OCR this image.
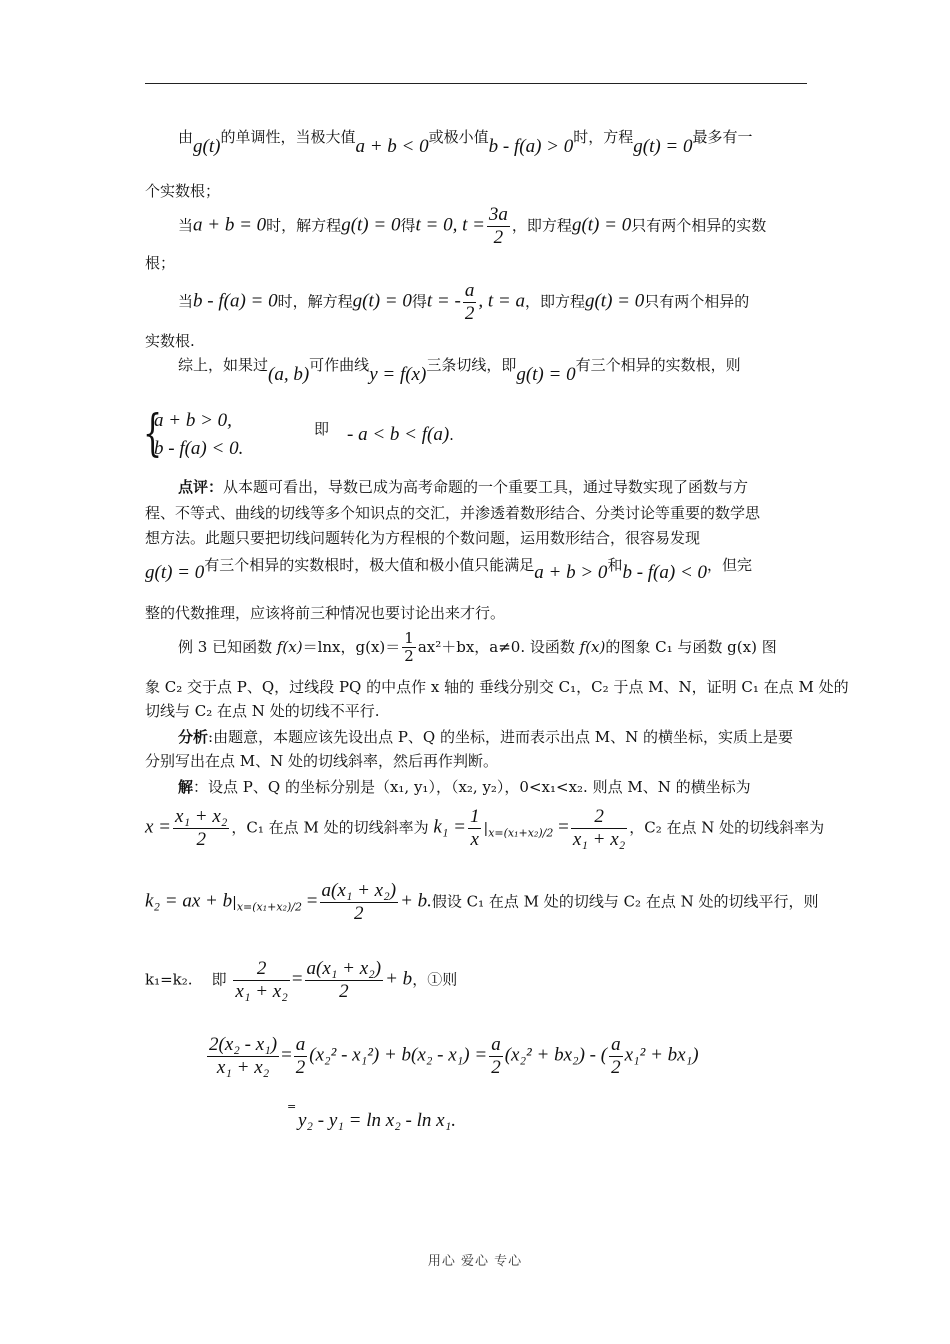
由g(t)的单调性，当极大值a + b < 0或极小值b - f(a) > 0时，方程g(t) = 0最多有一
个实数根；
当a + b = 0时，解方程g(t) = 0得t = 0, $t = \frac{3a}{2}$ ，即方程g(t) = 0只有两个相异的实数
根；
当b - f(a) = 0时，解方程g(t) = 0得t = - $\frac{a}{2}$ , t = a，即方程g(t) = 0只有两个相异的
实数根.
综上，如果过(a, b)可作曲线y = f(x)三条切线，即g(t) = 0有三个相异的实数根，则
{
a + b > 0,
b - f(a) < 0.
即 - a < b < f(a).
点评：从本题可看出，导数已成为高考命题的一个重要工具，通过导数实现了函数与方
程、不等式、曲线的切线等多个知识点的交汇，并渗透着数形结合、分类讨论等重要的数学思
想方法。此题只要把切线问题转化为方程根的个数问题，运用数形结合，很容易发现
g(t) = 0有三个相异的实数根时，极大值和极小值只能满足a + b > 0和b - f(a) < 0，但完
整的代数推理，应该将前三种情况也要讨论出来才行。
例 3 已知函数 f(x)＝lnx，$g(x)= \frac{1}{2} ax^2+bx$，a≠0. 设函数 f(x)的图象 C₁ 与函数 g(x) 图
象 C₂ 交于点 P、Q，过线段 PQ 的中点作 x 轴的 垂线分别交 C₁，C₂ 于点 M、N，证明 C₁ 在点 M 处的
切线与 C₂ 在点 N 处的切线不平行.
分析:由题意，本题应该先设出点 P、Q 的坐标，进而表示出点 M、N 的横坐标，实质上是要
分别写出在点 M、N 处的切线斜率，然后再作判断。
解：设点 P、Q 的坐标分别是（x₁, y₁），（x₂, y₂），0<x₁<x₂. 则点 M、N 的横坐标为
$x = \frac{\text{x₁ + x₂}}{2}$ ，C₁ 在点 M 处的切线斜率为 $k_1 = \frac{1}{x} |_{x=(x_1+x_2)/2} = \frac{2}{\text{x₁ + x₂}}$ ，C₂ 在点 N 处的切线斜率为
k₂ = ax + $b|_{x=(x_1+x_2)/2} = \frac{\text{a(x₁ + x₂)}}{2} + b$.假设 C₁ 在点 M 处的切线与 C₂ 在点 N 处的切线平行，则
k₁=k₂. 即 $\frac{2}{\text{x₁ + x₂}} = \frac{\text{a(x₁ + x₂)}}{2} + b$，①则
$\frac{\text{2(x₂ - x₁)}}{\text{x₁ + x₂}} = \frac{a}{2} (x_2^2 - x_1^2) + b(x_2 - x_1) = \frac{a}{2} (x_2^2 + bx_2)$ - ( $\frac{a}{2} x_1^2 + bx_1$)
=
y₂ - y₁ = ln x₂ - ln x₁.
用心 爱心 专心
